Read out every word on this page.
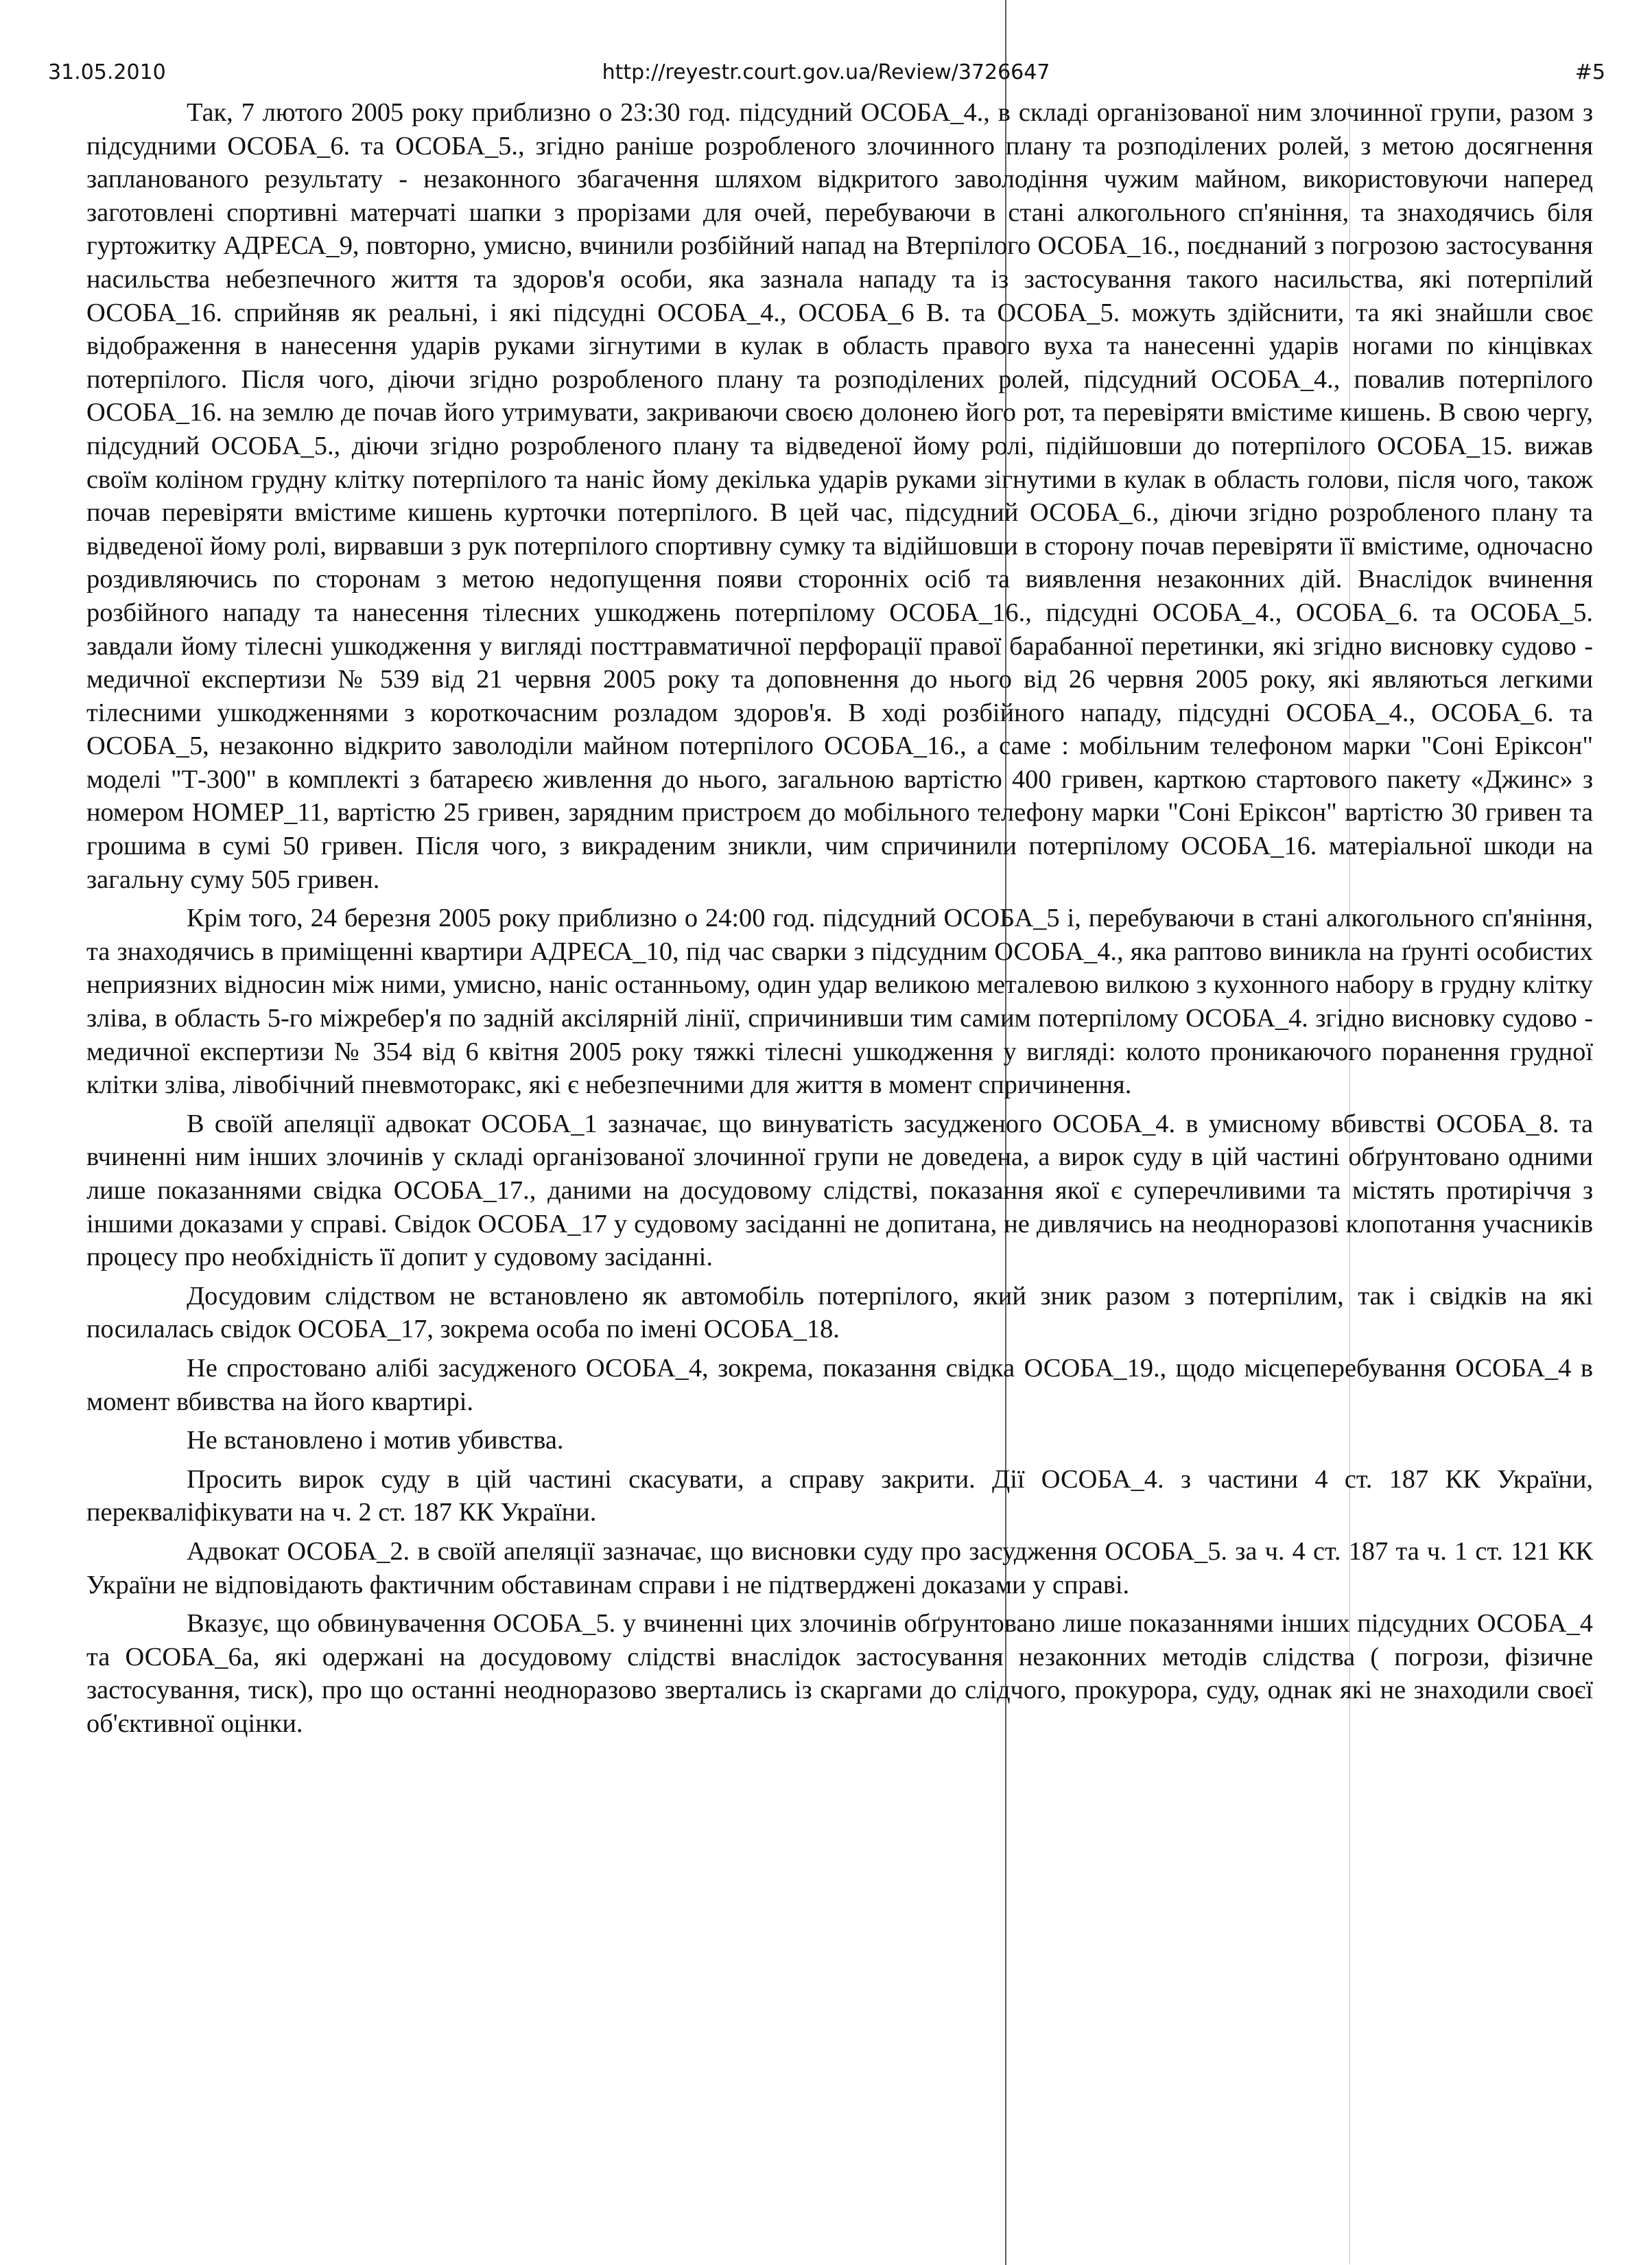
http://reyestr.court.gov.ua/Review/3726647
31.05.2010	#5

Так, 7 лютого 2005 року приблизно о 23:30 год. підсудний ОСОБА_4., в складі організованої ним злочинної групи, разом з підсудними ОСОБА_6. та ОСОБА_5., згідно раніше розробленого злочинного плану та розподілених ролей, з метою досягнення запланованого результату - незаконного збагачення шляхом відкритого заволодіння чужим майном, використовуючи наперед заготовлені спортивні матерчаті шапки з прорізами для очей, перебуваючи в стані алкогольного сп'яніння, та знаходячись біля гуртожитку АДРЕСА_9, повторно, умисно, вчинили розбійний напад на Втерпілого ОСОБА_16., поєднаний з погрозою застосування насильства небезпечного життя та здоров'я особи, яка зазнала нападу та із застосування такого насильства, які потерпілий ОСОБА_16. сприйняв як реальні, і які підсудні ОСОБА_4., ОСОБА_6 В. та ОСОБА_5. можуть здійснити, та які знайшли своє відображення в нанесення ударів руками зігнутими в кулак в область правого вуха та нанесенні ударів ногами по кінцівках потерпілого. Після чого, діючи згідно розробленого плану та розподілених ролей, підсудний ОСОБА_4., повалив потерпілого ОСОБА_16. на землю де почав його утримувати, закриваючи своєю долонею його рот, та перевіряти вмістиме кишень. В свою чергу, підсудний ОСОБА_5., діючи згідно розробленого плану та відведеної йому ролі, підійшовши до потерпілого ОСОБА_15. вижав своїм коліном грудну клітку потерпілого та наніс йому декілька ударів руками зігнутими в кулак в область голови, після чого, також почав перевіряти вмістиме кишень курточки потерпілого. В цей час, підсудний ОСОБА_6., діючи згідно розробленого плану та відведеної йому ролі, вирвавши з рук потерпілого спортивну сумку та відійшовши в сторону почав перевіряти її вмістиме, одночасно роздивляючись по сторонам з метою недопущення появи сторонніх осіб та виявлення незаконних дій. Внаслідок вчинення розбійного нападу та нанесення тілесних ушкоджень потерпілому ОСОБА_16., підсудні ОСОБА_4., ОСОБА_6. та ОСОБА_5. завдали йому тілесні ушкодження у вигляді посттравматичної перфорації правої барабанної перетинки, які згідно висновку судово - медичної експертизи № 539 від 21 червня 2005 року та доповнення до нього від 26 червня 2005 року, які являються легкими тілесними ушкодженнями з короткочасним розладом здоров'я. В ході розбійного нападу, підсудні ОСОБА_4., ОСОБА_6. та ОСОБА_5, незаконно відкрито заволоділи майном потерпілого ОСОБА_16., а саме : мобільним телефоном марки "Соні Еріксон" моделі "Т-300" в комплекті з батареєю живлення до нього, загальною вартістю 400 гривен, карткою стартового пакету «Джинс» з номером НОМЕР_11, вартістю 25 гривен, зарядним пристроєм до мобільного телефону марки "Соні Еріксон" вартістю 30 гривен та грошима в сумі 50 гривен. Після чого, з викраденим зникли, чим спричинили потерпілому ОСОБА_16. матеріальної шкоди на загальну суму 505 гривен.

Крім того, 24 березня 2005 року приблизно о 24:00 год. підсудний ОСОБА_5 і, перебуваючи в стані алкогольного сп'яніння, та знаходячись в приміщенні квартири АДРЕСА_10, під час сварки з підсудним ОСОБА_4., яка раптово виникла на ґрунті особистих неприязних відносин між ними, умисно, наніс останньому, один удар великою металевою вилкою з кухонного набору в грудну клітку зліва, в область 5-го міжребер'я по задній аксілярній лінії, спричинивши тим самим потерпілому ОСОБА_4. згідно висновку судово - медичної експертизи № 354 від 6 квітня 2005 року тяжкі тілесні ушкодження у вигляді: колото проникаючого поранення грудної клітки зліва, лівобічний пневмоторакс, які є небезпечними для життя в момент спричинення.

В своїй апеляції адвокат ОСОБА_1 зазначає, що винуватість засудженого ОСОБА_4. в умисному вбивстві ОСОБА_8. та вчиненні ним інших злочинів у складі організованої злочинної групи не доведена, а вирок суду в цій частині обґрунтовано одними лише показаннями свідка ОСОБА_17., даними на досудовому слідстві, показання якої є суперечливими та містять протиріччя з іншими доказами у справі. Свідок ОСОБА_17 у судовому засіданні не допитана, не дивлячись на неодноразові клопотання учасників процесу про необхідність її допит у судовому засіданні.

Досудовим слідством не встановлено як автомобіль потерпілого, який зник разом з потерпілим, так і свідків на які посилалась свідок ОСОБА_17, зокрема особа по імені ОСОБА_18.

Не спростовано алібі засудженого ОСОБА_4, зокрема, показання свідка ОСОБА_19., щодо місцеперебування ОСОБА_4 в момент вбивства на його квартирі.

Не встановлено і мотив убивства.

Просить вирок суду в цій частині скасувати, а справу закрити. Дії ОСОБА_4. з частини 4 ст. 187 КК України, перекваліфікувати на ч. 2 ст. 187 КК України.

Адвокат ОСОБА_2. в своїй апеляції зазначає, що висновки суду про засудження ОСОБА_5. за ч. 4 ст. 187 та ч. 1 ст. 121 КК України не відповідають фактичним обставинам справи і не підтверджені доказами у справі.

Вказує, що обвинувачення ОСОБА_5. у вчиненні цих злочинів обґрунтовано лише показаннями інших підсудних ОСОБА_4 та ОСОБА_6а, які одержані на досудовому слідстві внаслідок застосування незаконних методів слідства ( погрози, фізичне застосування, тиск), про що останні неодноразово звертались із скаргами до слідчого, прокурора, суду, однак які не знаходили своєї об'єктивної оцінки.
